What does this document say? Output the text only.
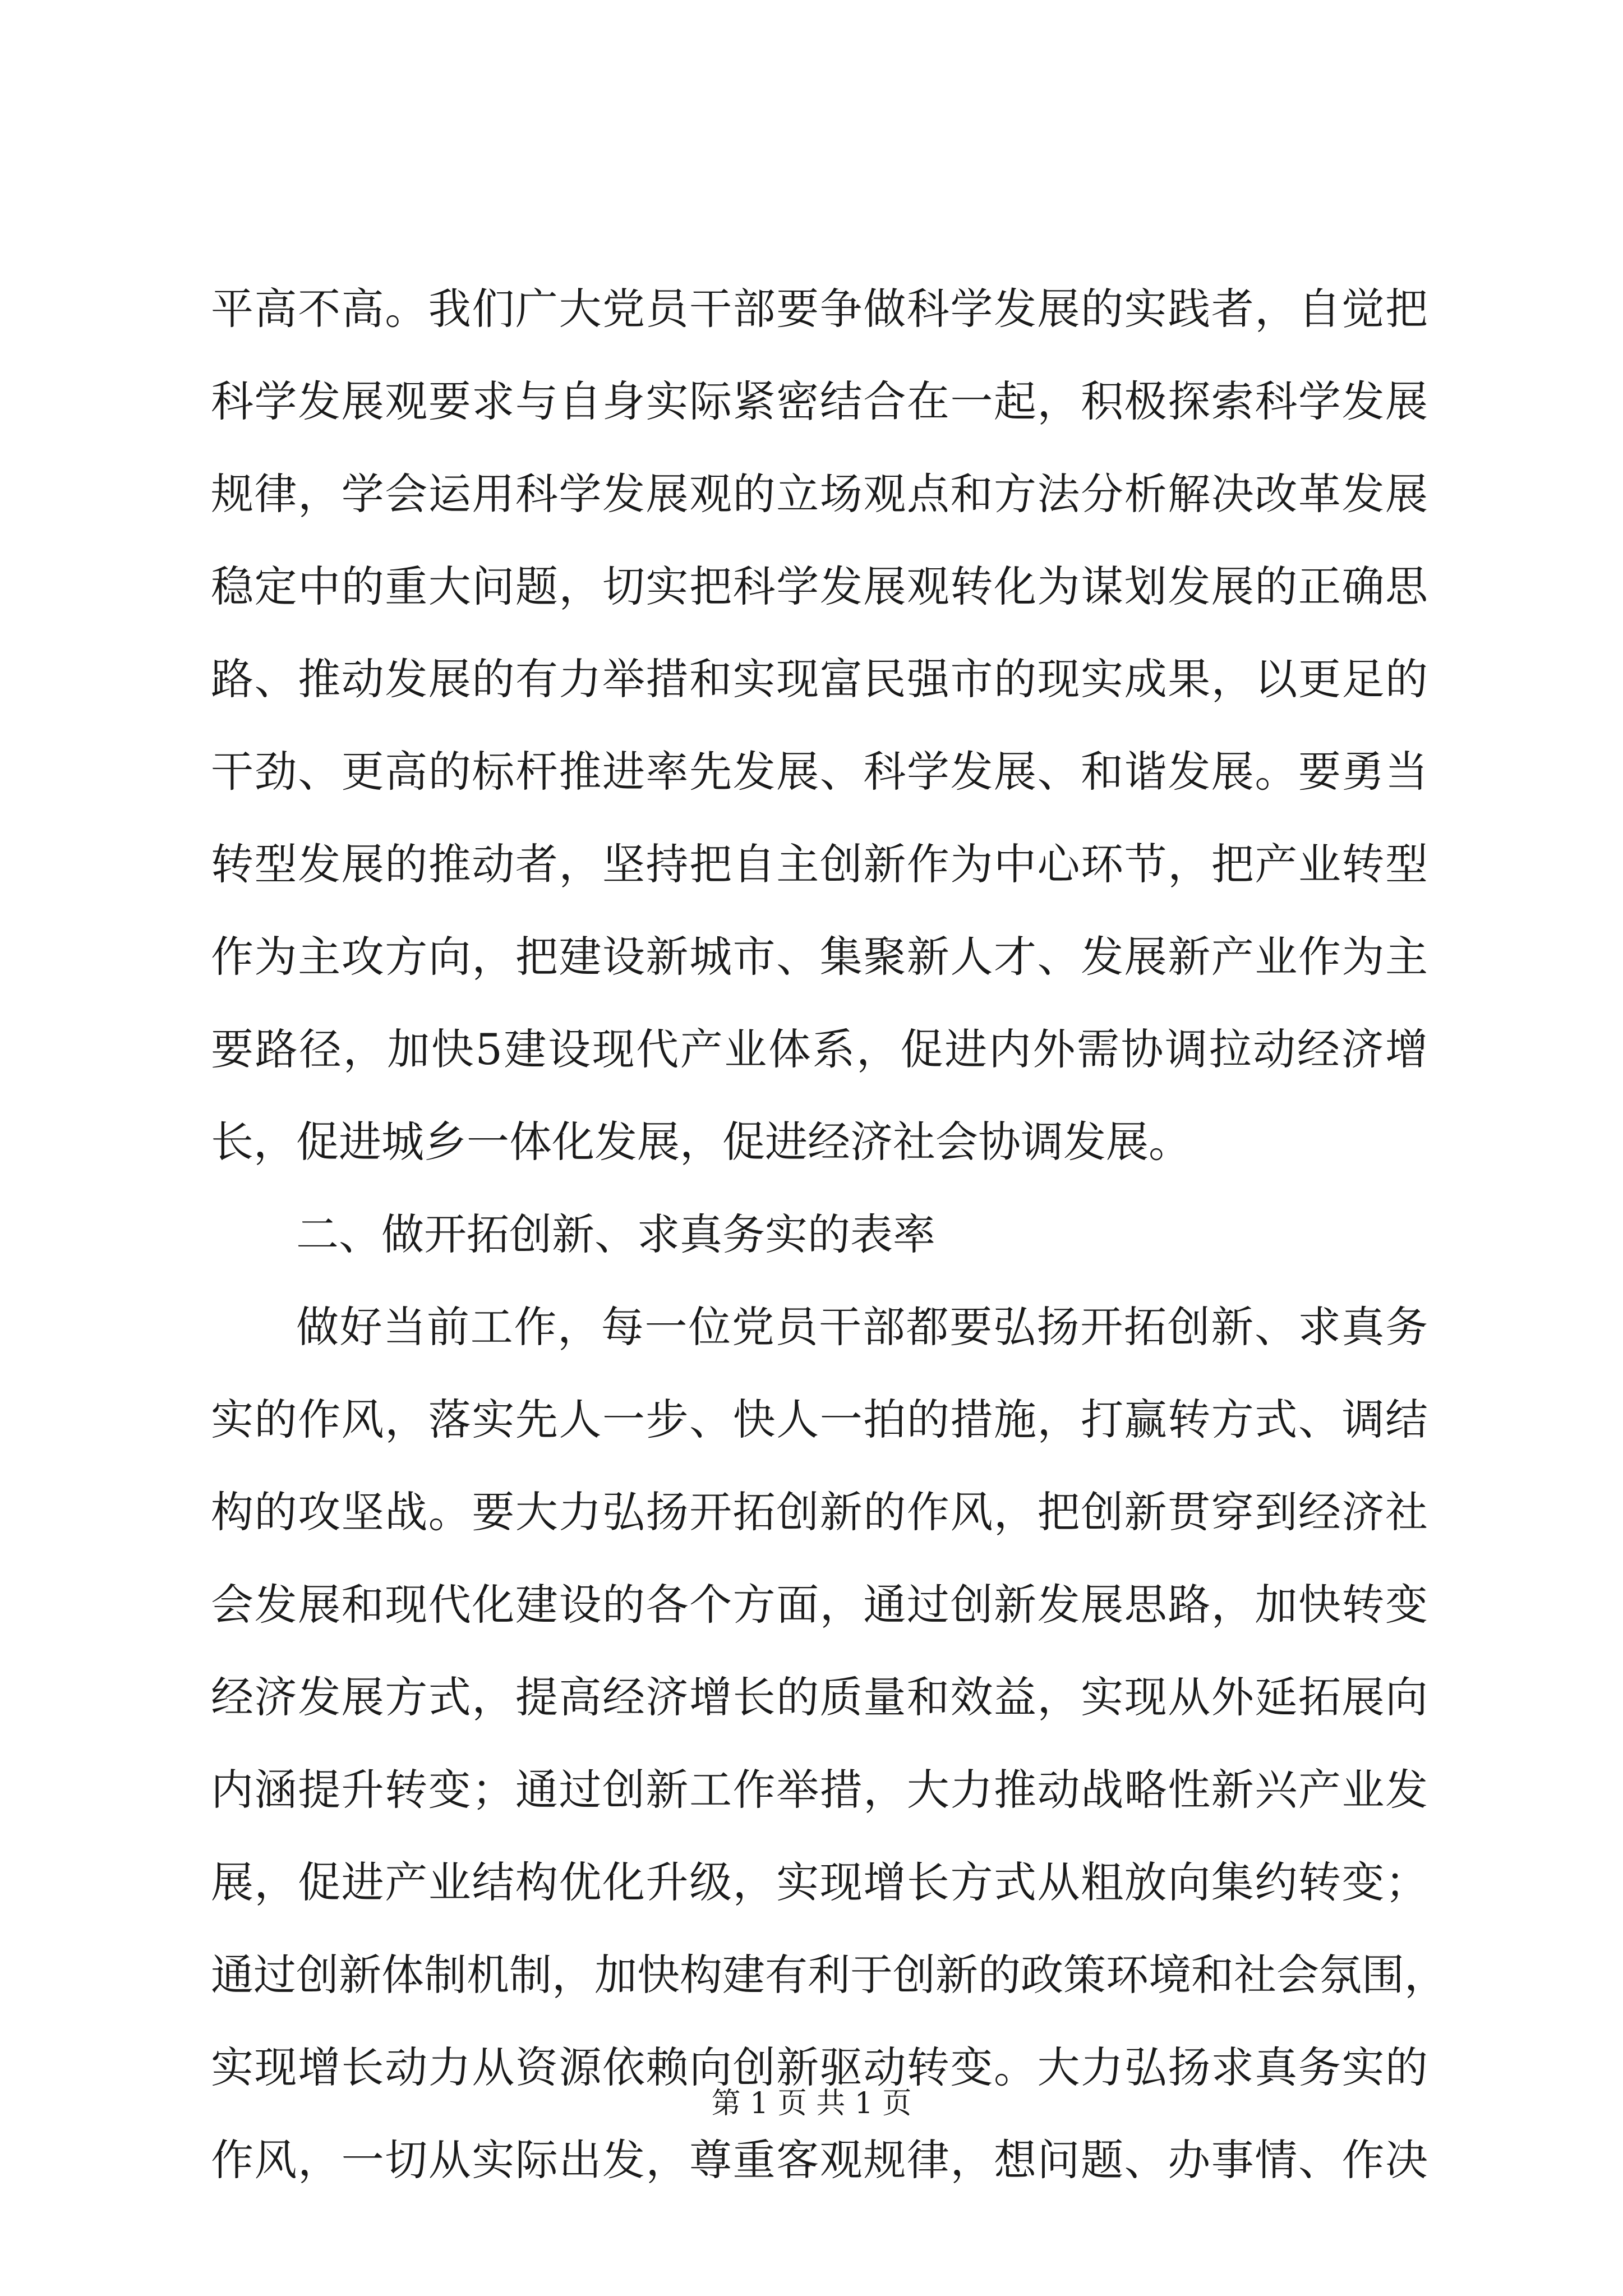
平高不高。我们广大党员干部要争做科学发展的实践者，自觉把
科学发展观要求与自身实际紧密结合在一起，积极探索科学发展
规律，学会运用科学发展观的立场观点和方法分析解决改革发展
稳定中的重大问题，切实把科学发展观转化为谋划发展的正确思
路、推动发展的有力举措和实现富民强市的现实成果，以更足的
干劲、更高的标杆推进率先发展、科学发展、和谐发展。要勇当
转型发展的推动者，坚持把自主创新作为中心环节，把产业转型
作为主攻方向，把建设新城市、集聚新人才、发展新产业作为主
要路径，加快5建设现代产业体系，促进内外需协调拉动经济增
长，促进城乡一体化发展，促进经济社会协调发展。
二、做开拓创新、求真务实的表率
做好当前工作，每一位党员干部都要弘扬开拓创新、求真务
实的作风，落实先人一步、快人一拍的措施，打赢转方式、调结
构的攻坚战。要大力弘扬开拓创新的作风，把创新贯穿到经济社
会发展和现代化建设的各个方面，通过创新发展思路，加快转变
经济发展方式，提高经济增长的质量和效益，实现从外延拓展向
内涵提升转变；通过创新工作举措，大力推动战略性新兴产业发
展，促进产业结构优化升级，实现增长方式从粗放向集约转变；
通过创新体制机制，加快构建有利于创新的政策环境和社会氛围，
实现增长动力从资源依赖向创新驱动转变。大力弘扬求真务实的
作风，一切从实际出发，尊重客观规律，想问题、办事情、作决
第 1 页 共 1 页
